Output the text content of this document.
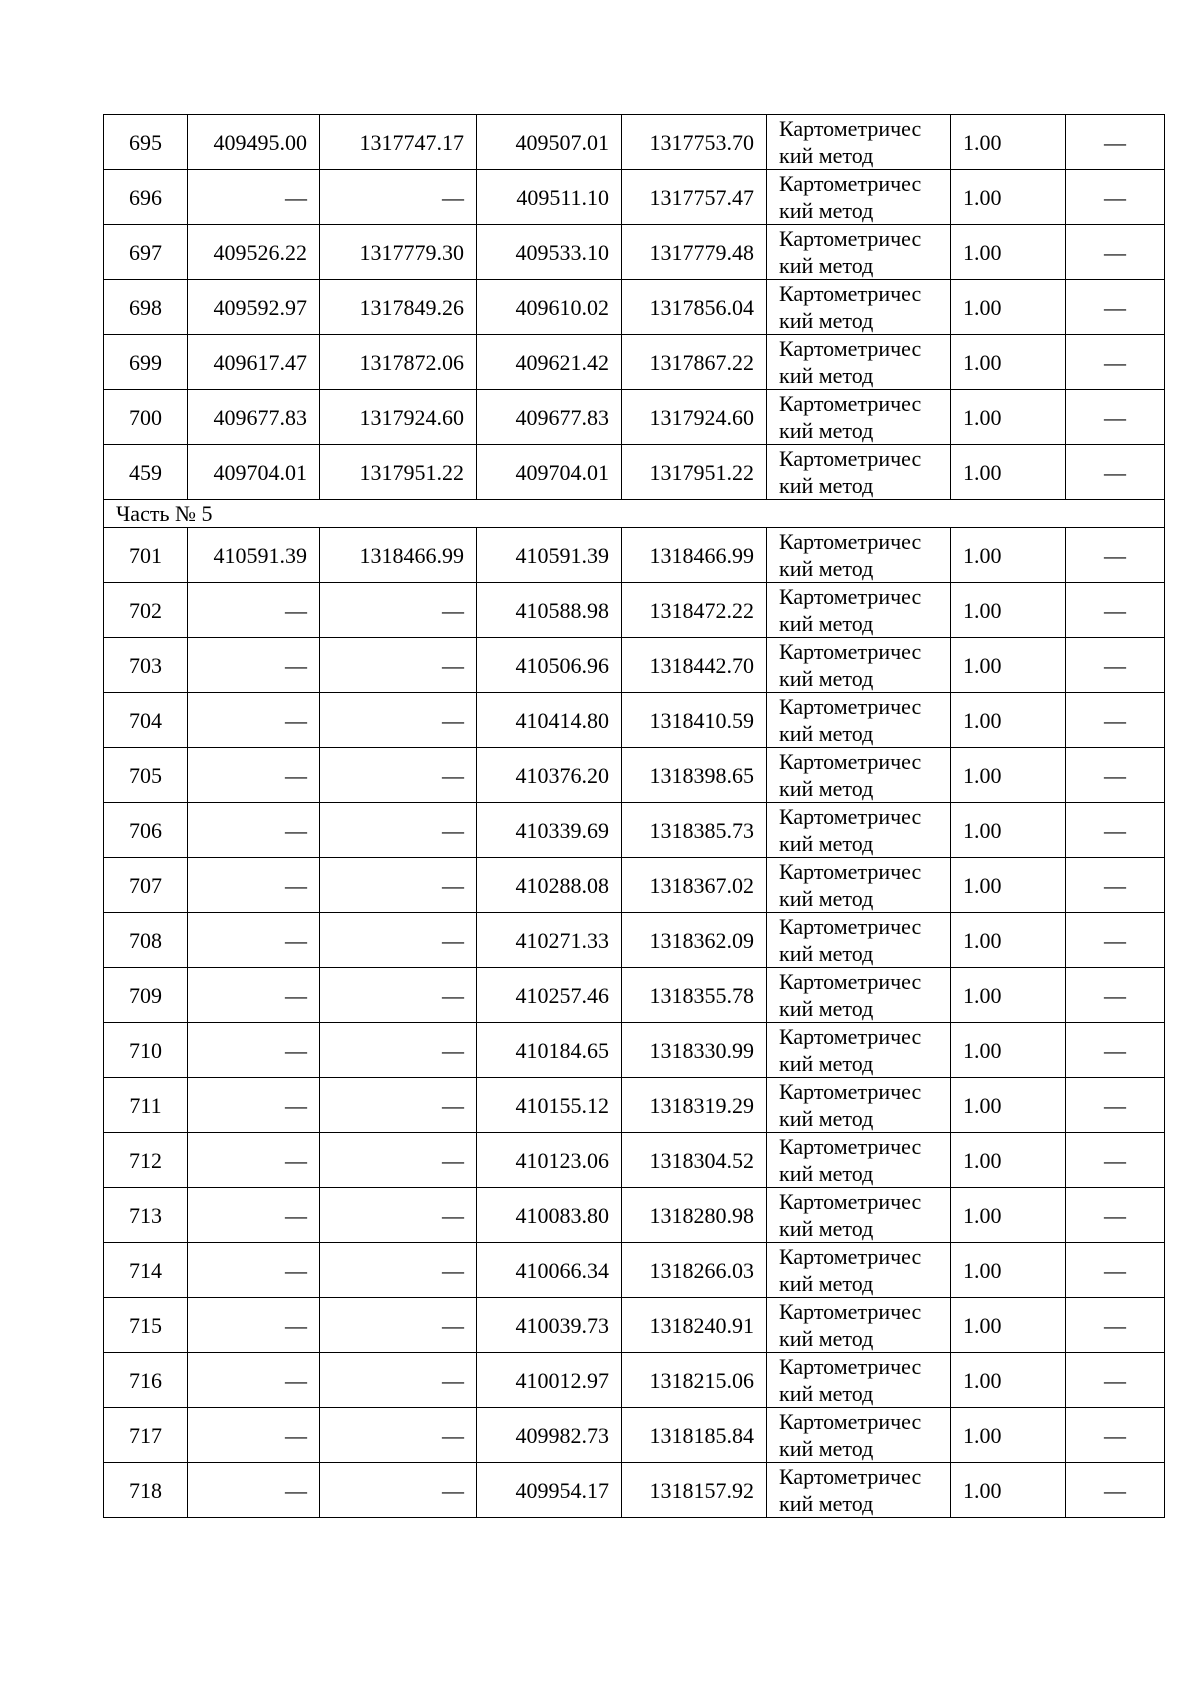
695	409495.00	1317747.17	409507.01	1317753.70	Картометричес
кий метод	1.00	—
696	—	—	409511.10	1317757.47	Картометричес
кий метод	1.00	—
697	409526.22	1317779.30	409533.10	1317779.48	Картометричес
кий метод	1.00	—
698	409592.97	1317849.26	409610.02	1317856.04	Картометричес
кий метод	1.00	—
699	409617.47	1317872.06	409621.42	1317867.22	Картометричес
кий метод	1.00	—
700	409677.83	1317924.60	409677.83	1317924.60	Картометричес
кий метод	1.00	—
459	409704.01	1317951.22	409704.01	1317951.22	Картометричес
кий метод	1.00	—
Часть № 5							
701	410591.39	1318466.99	410591.39	1318466.99	Картометричес
кий метод	1.00	—
702	—	—	410588.98	1318472.22	Картометричес
кий метод	1.00	—
703	—	—	410506.96	1318442.70	Картометричес
кий метод	1.00	—
704	—	—	410414.80	1318410.59	Картометричес
кий метод	1.00	—
705	—	—	410376.20	1318398.65	Картометричес
кий метод	1.00	—
706	—	—	410339.69	1318385.73	Картометричес
кий метод	1.00	—
707	—	—	410288.08	1318367.02	Картометричес
кий метод	1.00	—
708	—	—	410271.33	1318362.09	Картометричес
кий метод	1.00	—
709	—	—	410257.46	1318355.78	Картометричес
кий метод	1.00	—
710	—	—	410184.65	1318330.99	Картометричес
кий метод	1.00	—
711	—	—	410155.12	1318319.29	Картометричес
кий метод	1.00	—
712	—	—	410123.06	1318304.52	Картометричес
кий метод	1.00	—
713	—	—	410083.80	1318280.98	Картометричес
кий метод	1.00	—
714	—	—	410066.34	1318266.03	Картометричес
кий метод	1.00	—
715	—	—	410039.73	1318240.91	Картометричес
кий метод	1.00	—
716	—	—	410012.97	1318215.06	Картометричес
кий метод	1.00	—
717	—	—	409982.73	1318185.84	Картометричес
кий метод	1.00	—
718	—	—	409954.17	1318157.92	Картометричес
кий метод	1.00	—
